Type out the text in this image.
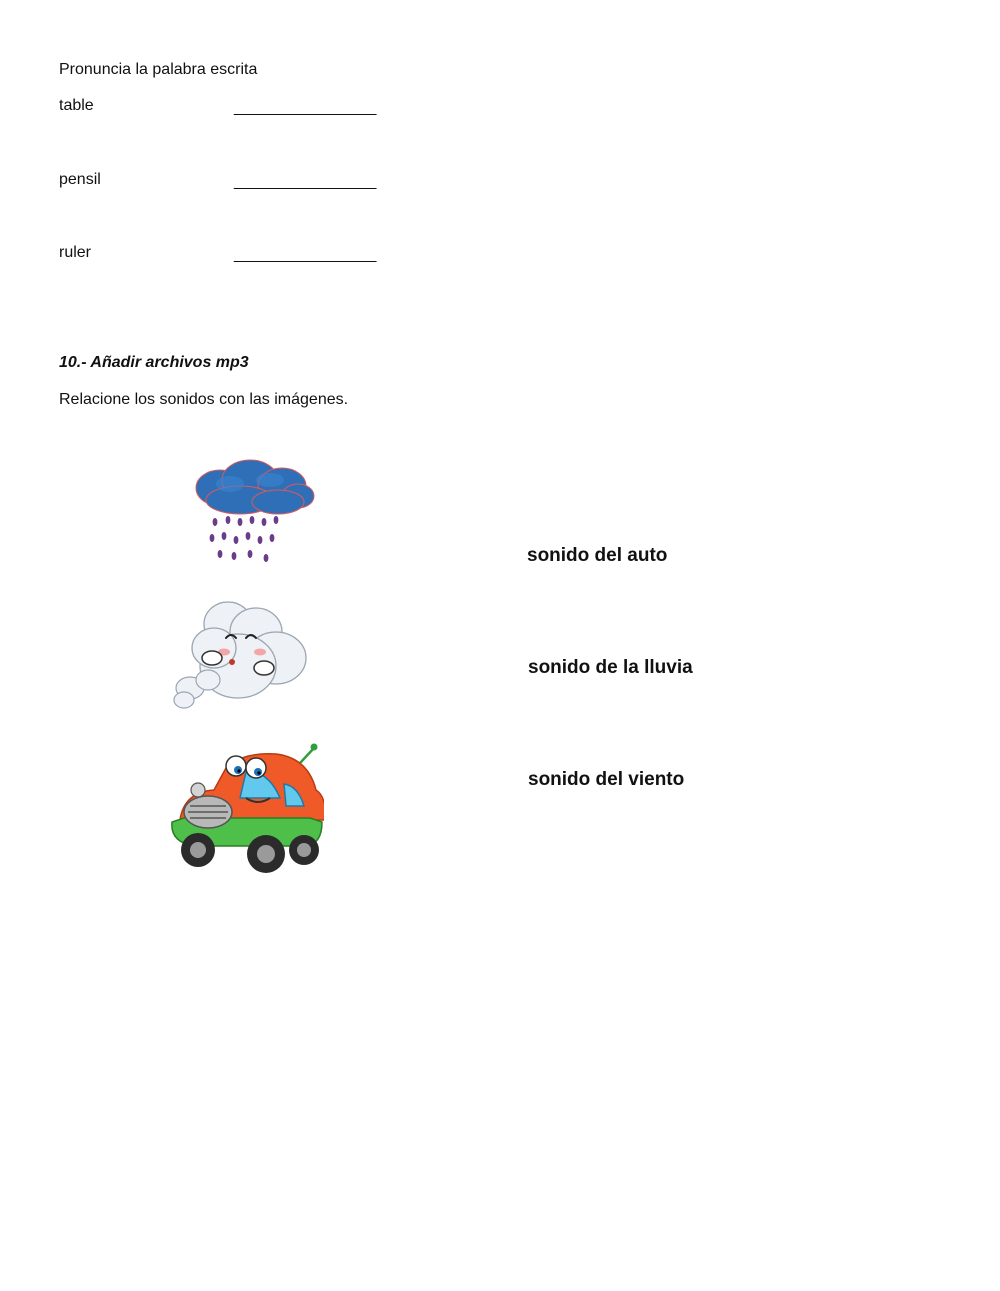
Pronuncia la palabra escrita
table	________________
pensil	________________
ruler	________________
10.- Añadir archivos mp3
Relacione los sonidos con las imágenes.
sonido del auto
sonido de la lluvia
sonido del viento
